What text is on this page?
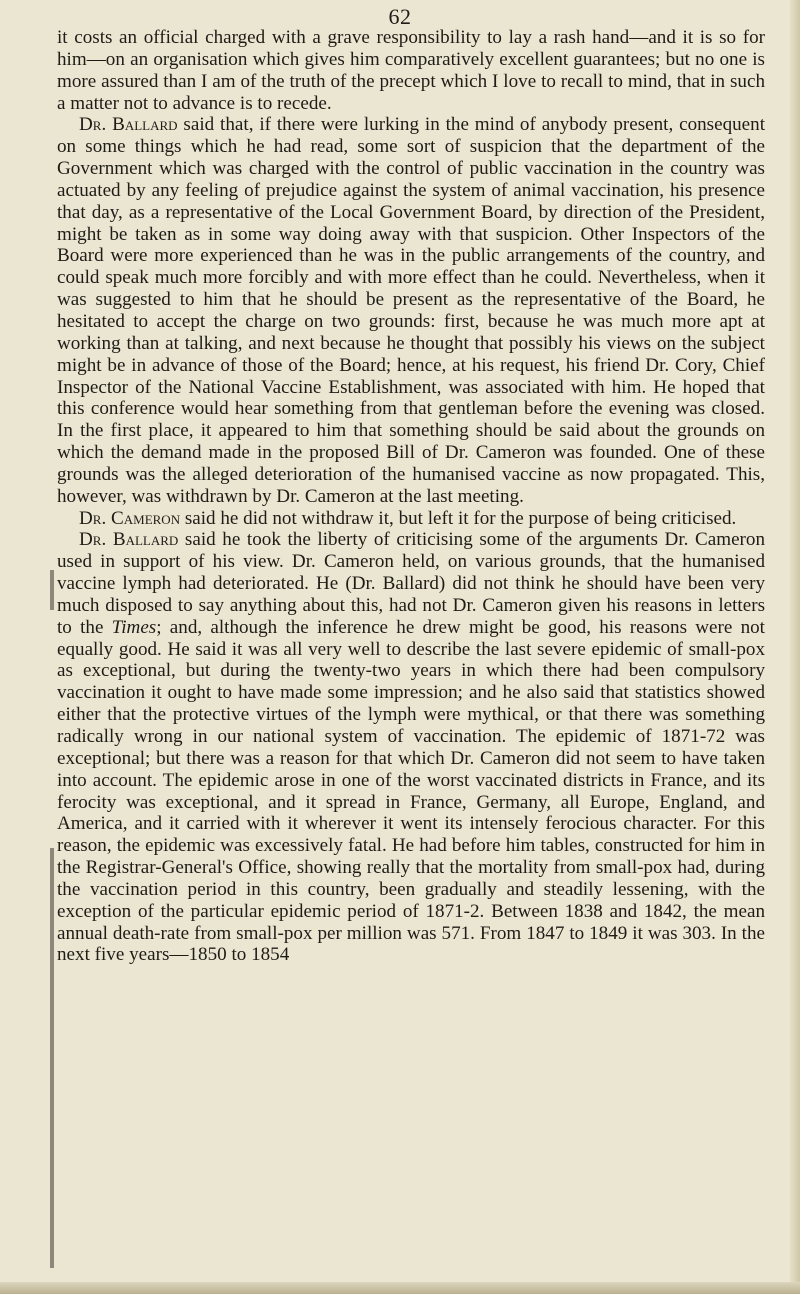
62

it costs an official charged with a grave responsibility to lay a rash hand—and it is so for him—on an organisation which gives him comparatively excellent guarantees; but no one is more assured than I am of the truth of the precept which I love to recall to mind, that in such a matter not to advance is to recede.

Dr. Ballard said that, if there were lurking in the mind of anybody present, consequent on some things which he had read, some sort of suspicion that the department of the Government which was charged with the control of public vaccination in the country was actuated by any feeling of prejudice against the system of animal vaccination, his presence that day, as a representative of the Local Government Board, by direction of the President, might be taken as in some way doing away with that suspicion. Other Inspectors of the Board were more experienced than he was in the public arrangements of the country, and could speak much more forcibly and with more effect than he could. Nevertheless, when it was suggested to him that he should be present as the representative of the Board, he hesitated to accept the charge on two grounds: first, because he was much more apt at working than at talking, and next because he thought that possibly his views on the subject might be in advance of those of the Board; hence, at his request, his friend Dr. Cory, Chief Inspector of the National Vaccine Establishment, was associated with him. He hoped that this conference would hear something from that gentleman before the evening was closed. In the first place, it appeared to him that something should be said about the grounds on which the demand made in the proposed Bill of Dr. Cameron was founded. One of these grounds was the alleged deterioration of the humanised vaccine as now propagated. This, however, was withdrawn by Dr. Cameron at the last meeting.

Dr. Cameron said he did not withdraw it, but left it for the purpose of being criticised.

Dr. Ballard said he took the liberty of criticising some of the arguments Dr. Cameron used in support of his view. Dr. Cameron held, on various grounds, that the humanised vaccine lymph had deteriorated. He (Dr. Ballard) did not think he should have been very much disposed to say anything about this, had not Dr. Cameron given his reasons in letters to the Times; and, although the inference he drew might be good, his reasons were not equally good. He said it was all very well to describe the last severe epidemic of small-pox as exceptional, but during the twenty-two years in which there had been compulsory vaccination it ought to have made some impression; and he also said that statistics showed either that the protective virtues of the lymph were mythical, or that there was something radically wrong in our national system of vaccination. The epidemic of 1871-72 was exceptional; but there was a reason for that which Dr. Cameron did not seem to have taken into account. The epidemic arose in one of the worst vaccinated districts in France, and its ferocity was exceptional, and it spread in France, Germany, all Europe, England, and America, and it carried with it wherever it went its intensely ferocious character. For this reason, the epidemic was excessively fatal. He had before him tables, constructed for him in the Registrar-General's Office, showing really that the mortality from small-pox had, during the vaccination period in this country, been gradually and steadily lessening, with the exception of the particular epidemic period of 1871-2. Between 1838 and 1842, the mean annual death-rate from small-pox per million was 571. From 1847 to 1849 it was 303. In the next five years—1850 to 1854
